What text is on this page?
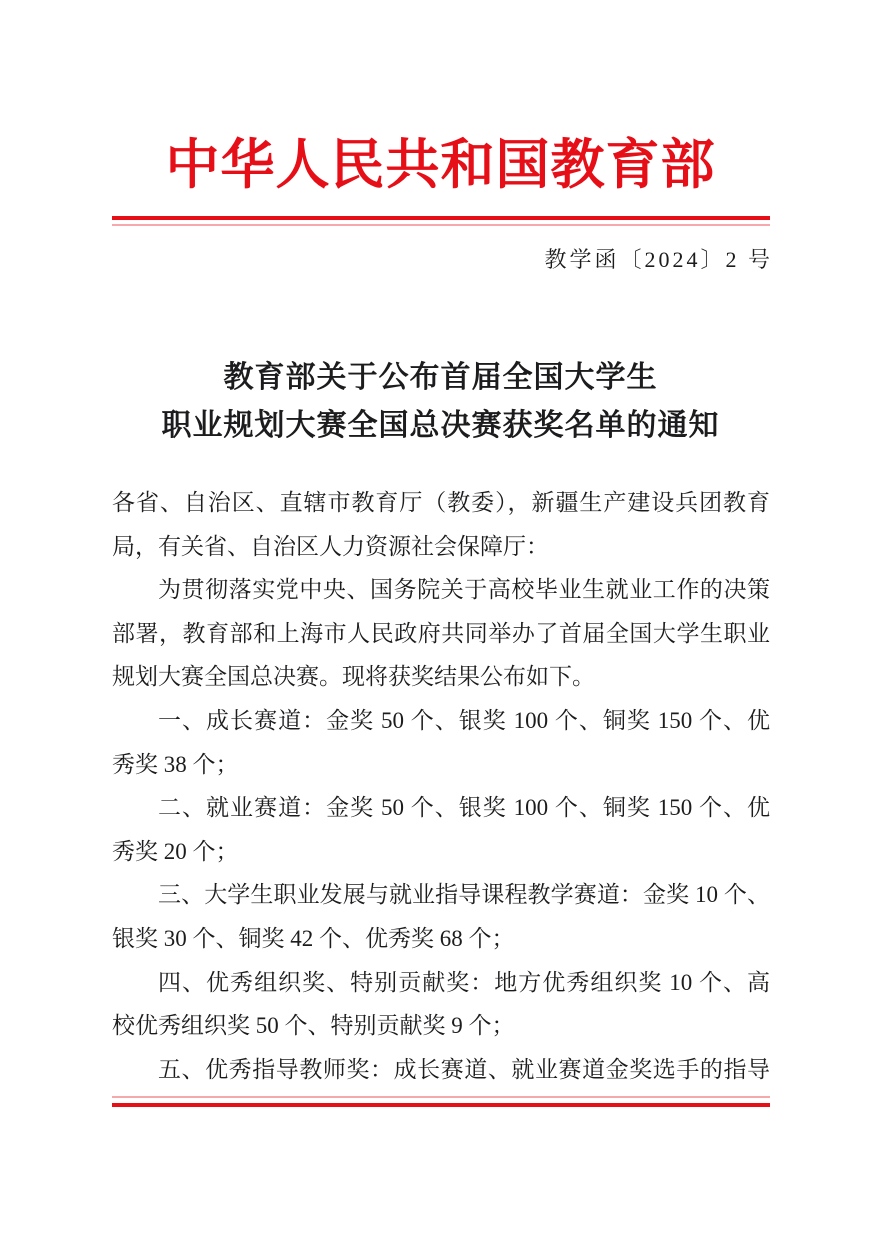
中华人民共和国教育部
教学函〔2024〕2 号
教育部关于公布首届全国大学生
职业规划大赛全国总决赛获奖名单的通知
各省、自治区、直辖市教育厅（教委），新疆生产建设兵团教育
局，有关省、自治区人力资源社会保障厅：
为贯彻落实党中央、国务院关于高校毕业生就业工作的决策
部署，教育部和上海市人民政府共同举办了首届全国大学生职业
规划大赛全国总决赛。现将获奖结果公布如下。
一、成长赛道：金奖 50 个、银奖 100 个、铜奖 150 个、优
秀奖 38 个；
二、就业赛道：金奖 50 个、银奖 100 个、铜奖 150 个、优
秀奖 20 个；
三、大学生职业发展与就业指导课程教学赛道：金奖 10 个、
银奖 30 个、铜奖 42 个、优秀奖 68 个；
四、优秀组织奖、特别贡献奖：地方优秀组织奖 10 个、高
校优秀组织奖 50 个、特别贡献奖 9 个；
五、优秀指导教师奖：成长赛道、就业赛道金奖选手的指导
